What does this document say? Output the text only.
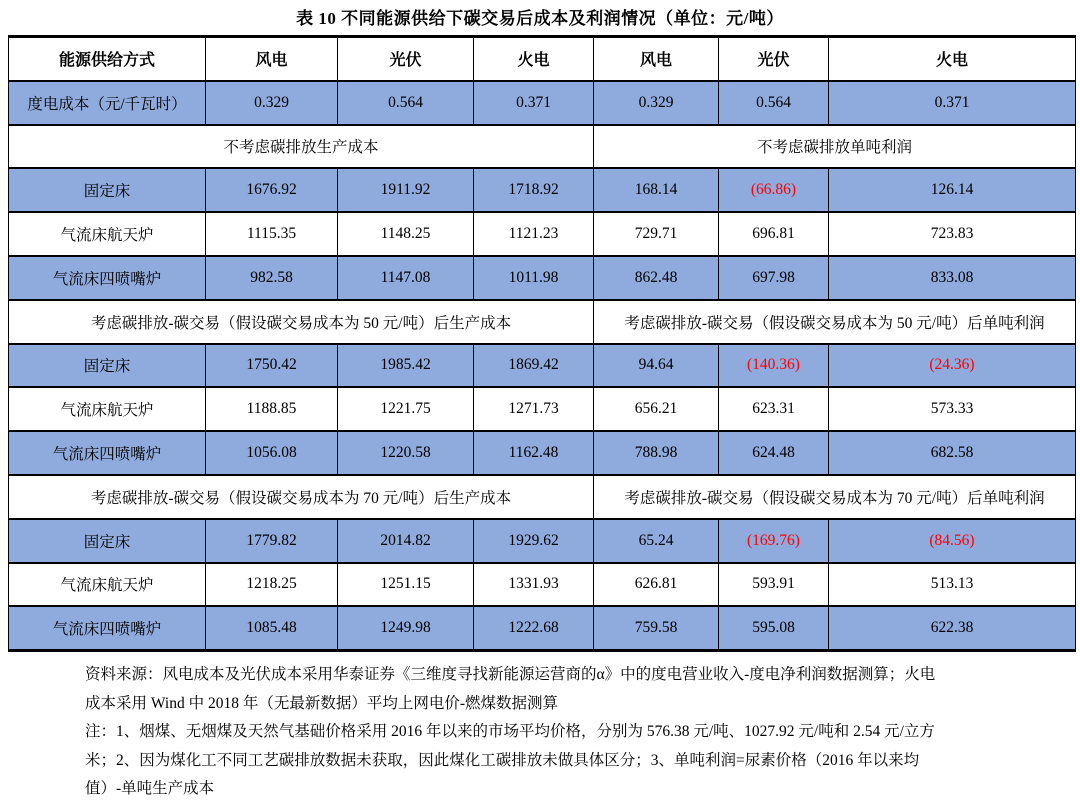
表 10 不同能源供给下碳交易后成本及利润情况（单位：元/吨）
能源供给方式	风电	光伏	火电	风电	光伏	火电
度电成本（元/千瓦时）	0.329	0.564	0.371	0.329	0.564	0.371
不考虑碳排放生产成本				不考虑碳排放单吨利润		
固定床	1676.92	1911.92	1718.92	168.14	(66.86)	126.14
气流床航天炉	1115.35	1148.25	1121.23	729.71	696.81	723.83
气流床四喷嘴炉	982.58	1147.08	1011.98	862.48	697.98	833.08
考虑碳排放-碳交易（假设碳交易成本为 50 元/吨）后生产成本				考虑碳排放-碳交易（假设碳交易成本为 50 元/吨）后单吨利润		
固定床	1750.42	1985.42	1869.42	94.64	(140.36)	(24.36)
气流床航天炉	1188.85	1221.75	1271.73	656.21	623.31	573.33
气流床四喷嘴炉	1056.08	1220.58	1162.48	788.98	624.48	682.58
考虑碳排放-碳交易（假设碳交易成本为 70 元/吨）后生产成本				考虑碳排放-碳交易（假设碳交易成本为 70 元/吨）后单吨利润		
固定床	1779.82	2014.82	1929.62	65.24	(169.76)	(84.56)
气流床航天炉	1218.25	1251.15	1331.93	626.81	593.91	513.13
气流床四喷嘴炉	1085.48	1249.98	1222.68	759.58	595.08	622.38
资料来源：风电成本及光伏成本采用华泰证券《三维度寻找新能源运营商的α》中的度电营业收入-度电净利润数据测算；火电
成本采用 Wind 中 2018 年（无最新数据）平均上网电价-燃煤数据测算
注：1、烟煤、无烟煤及天然气基础价格采用 2016 年以来的市场平均价格，分别为 576.38 元/吨、1027.92 元/吨和 2.54 元/立方
米；2、因为煤化工不同工艺碳排放数据未获取，因此煤化工碳排放未做具体区分；3、单吨利润=尿素价格（2016 年以来均
值）-单吨生产成本
